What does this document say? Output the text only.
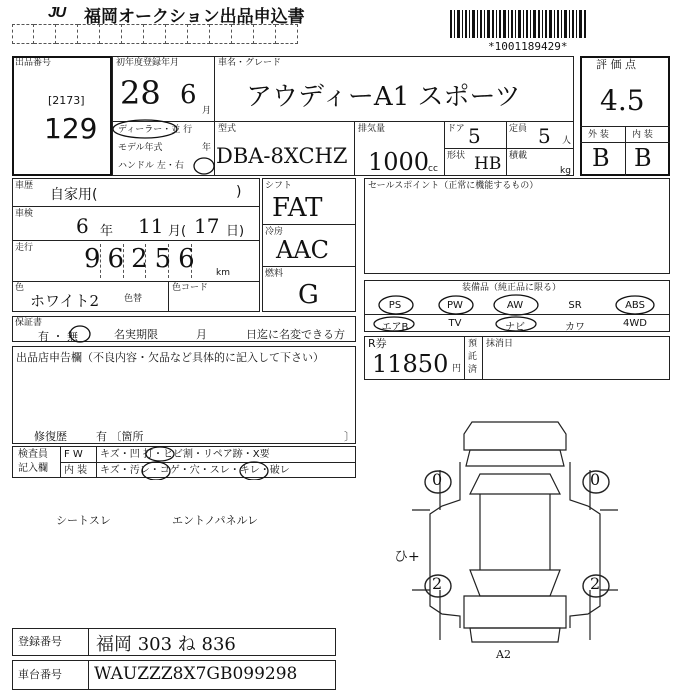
JU 福岡オークション出品申込書
*1001189429*
出品番号
[2173]
129
初年度登録年月
28 6
月
車名・グレード
アウディーA1 スポーツ
ディーラー・並 行
モデル年式	年
ハンドル 左・右
型式
DBA-8XCHZ
排気量
1000
cc
ドア 5	定員 5 人
形状 HB 積載
kg
評 価 点
4.5
外 装	内 装
B B
車歴
自家用(	)
車検 6 年 11 月( 17 日)
走行 96256 km
色
ホワイト2	色替
色コード
シフト
FAT
冷房
AAC
燃料
G
セールスポイント（正常に機能するもの）
装備品（純正品に限る）
PS	PW	AW	SR	ABS
エアB	TV	ナビ	カワ	4WD
保証書
有 ・ 無	名実期限	月	日迄に名変できる方
出品店申告欄（不良内容・欠品など具体的に記入して下さい）
修復歴	有 〔箇所	〕
R券
11850 円
預託済
抹消日
検査員
記入欄
F W キズ・凹 打・ヒビ割・リペア跡・X要
内 装 キズ・汚レ・コゲ・穴・スレ・キレ・破レ
シートスレ	エントノパネルレ
0	0
2	2
ひ+
A2
登録番号 福岡 303 ね 836
車台番号 WAUZZZ8X7GB099298
